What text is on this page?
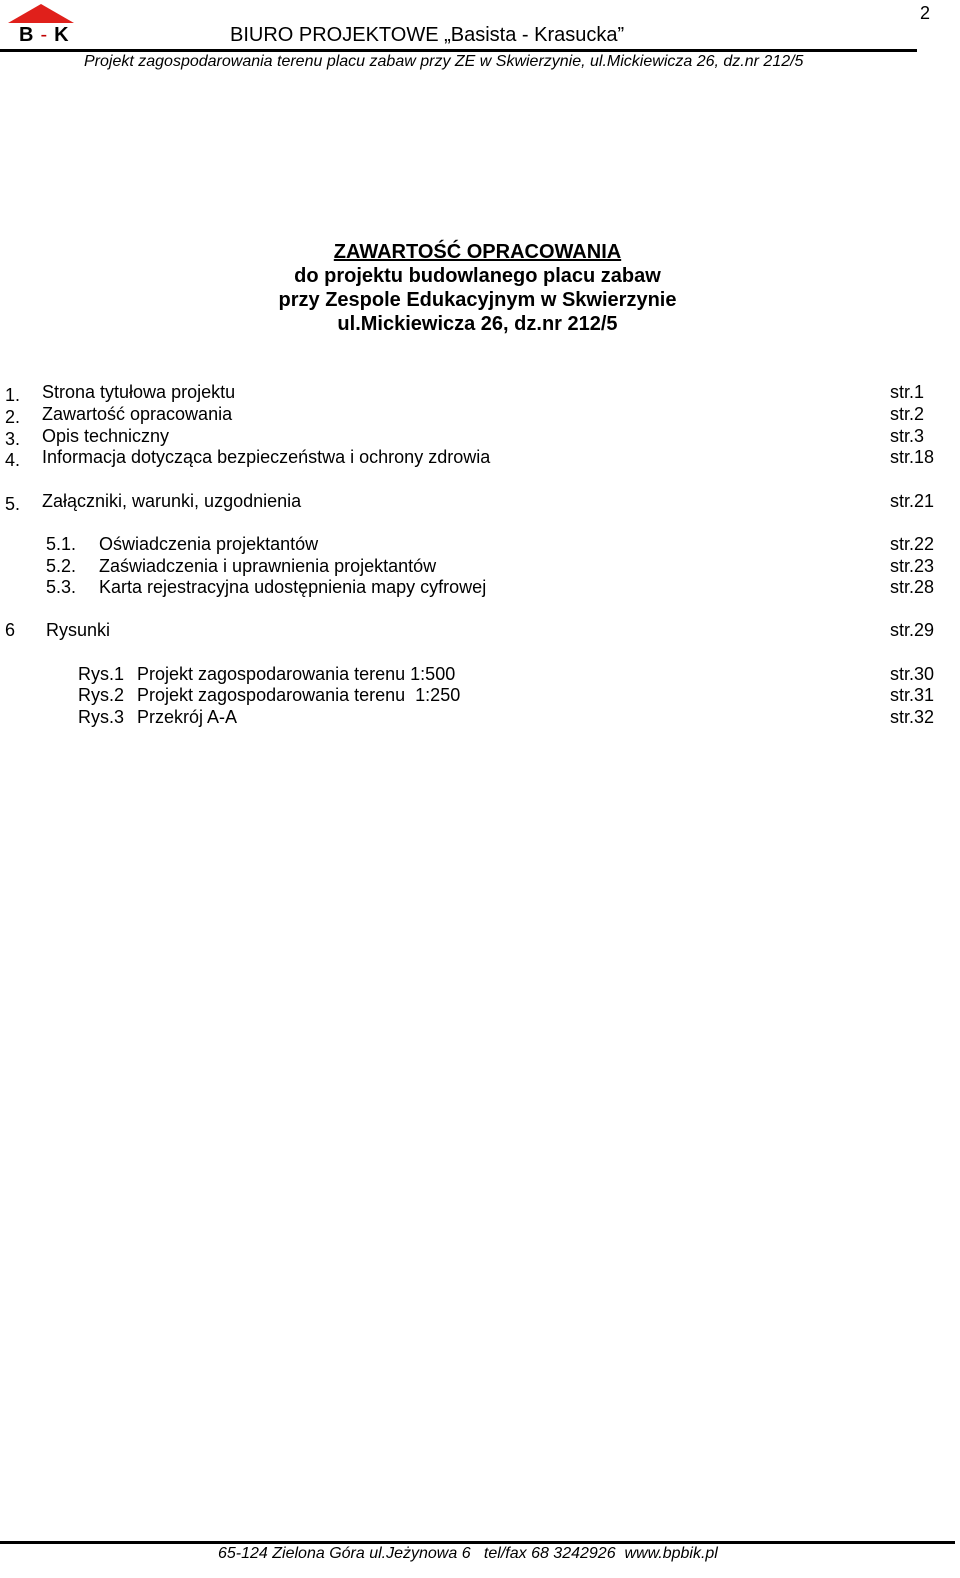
B - K	BIURO PROJEKTOWE „Basista - Krasucka”
2
Projekt zagospodarowania terenu placu zabaw przy ZE w Skwierzynie, ul.Mickiewicza 26, dz.nr 212/5
ZAWARTOŚĆ OPRACOWANIA
do projektu budowlanego placu zabaw
przy Zespole Edukacyjnym w Skwierzynie
ul.Mickiewicza 26, dz.nr 212/5
1. Strona tytułowa projektu	str.1
2. Zawartość opracowania	str.2
3. Opis techniczny	str.3
4. Informacja dotycząca bezpieczeństwa i ochrony zdrowia	str.18
5. Załączniki, warunki, uzgodnienia	str.21
5.1. Oświadczenia projektantów	str.22
5.2. Zaświadczenia i uprawnienia projektantów	str.23
5.3. Karta rejestracyjna udostępnienia mapy cyfrowej	str.28
6 Rysunki	str.29
Rys.1 Projekt zagospodarowania terenu 1:500	str.30
Rys.2 Projekt zagospodarowania terenu  1:250	str.31
Rys.3 Przekrój A-A	str.32
65-124 Zielona Góra ul.Jeżynowa 6   tel/fax 68 3242926  www.bpbik.pl
